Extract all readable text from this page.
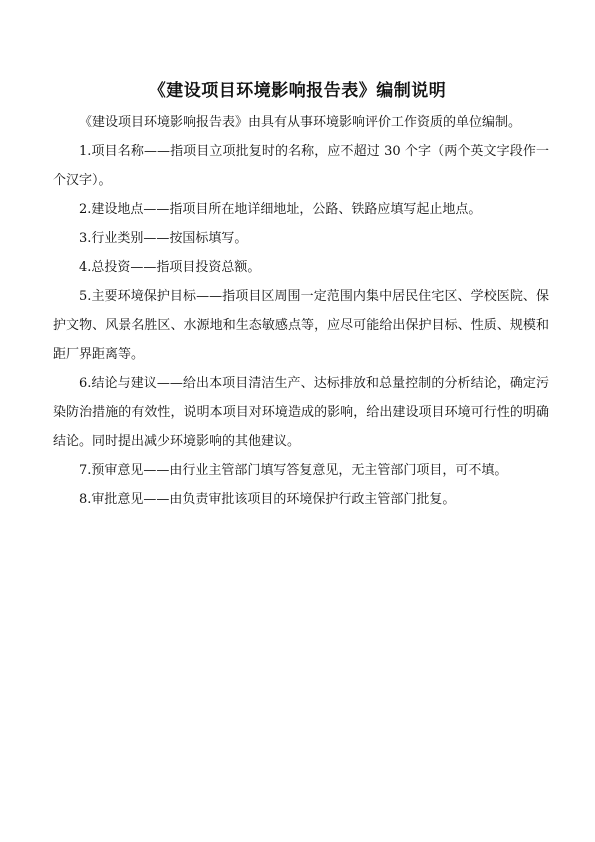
《建设项目环境影响报告表》编制说明

《建设项目环境影响报告表》由具有从事环境影响评价工作资质的单位编制。

1.项目名称——指项目立项批复时的名称，应不超过 30 个字（两个英文字段作一个汉字）。

2.建设地点——指项目所在地详细地址，公路、铁路应填写起止地点。

3.行业类别——按国标填写。

4.总投资——指项目投资总额。

5.主要环境保护目标——指项目区周围一定范围内集中居民住宅区、学校医院、保护文物、风景名胜区、水源地和生态敏感点等，应尽可能给出保护目标、性质、规模和距厂界距离等。

6.结论与建议——给出本项目清洁生产、达标排放和总量控制的分析结论，确定污染防治措施的有效性，说明本项目对环境造成的影响，给出建设项目环境可行性的明确结论。同时提出减少环境影响的其他建议。

7.预审意见——由行业主管部门填写答复意见，无主管部门项目，可不填。

8.审批意见——由负责审批该项目的环境保护行政主管部门批复。
